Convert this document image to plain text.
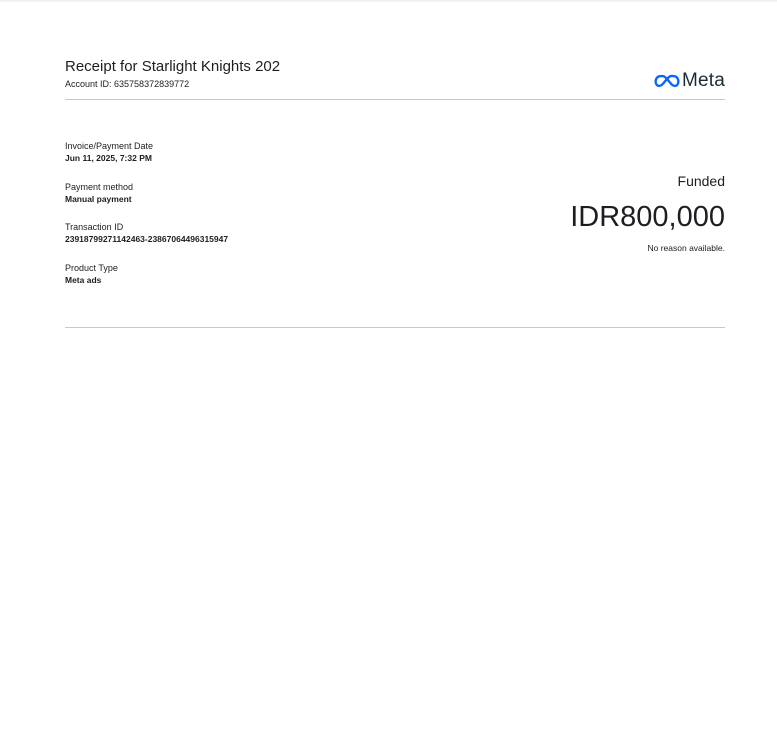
Receipt for Starlight Knights 202
Account ID: 635758372839772	Meta
Invoice/Payment Date
Jun 11, 2025, 7:32 PM
Payment method
Manual payment
Transaction ID
23918799271142463-23867064496315947
Product Type
Meta ads
Funded
IDR800,000
No reason available.
